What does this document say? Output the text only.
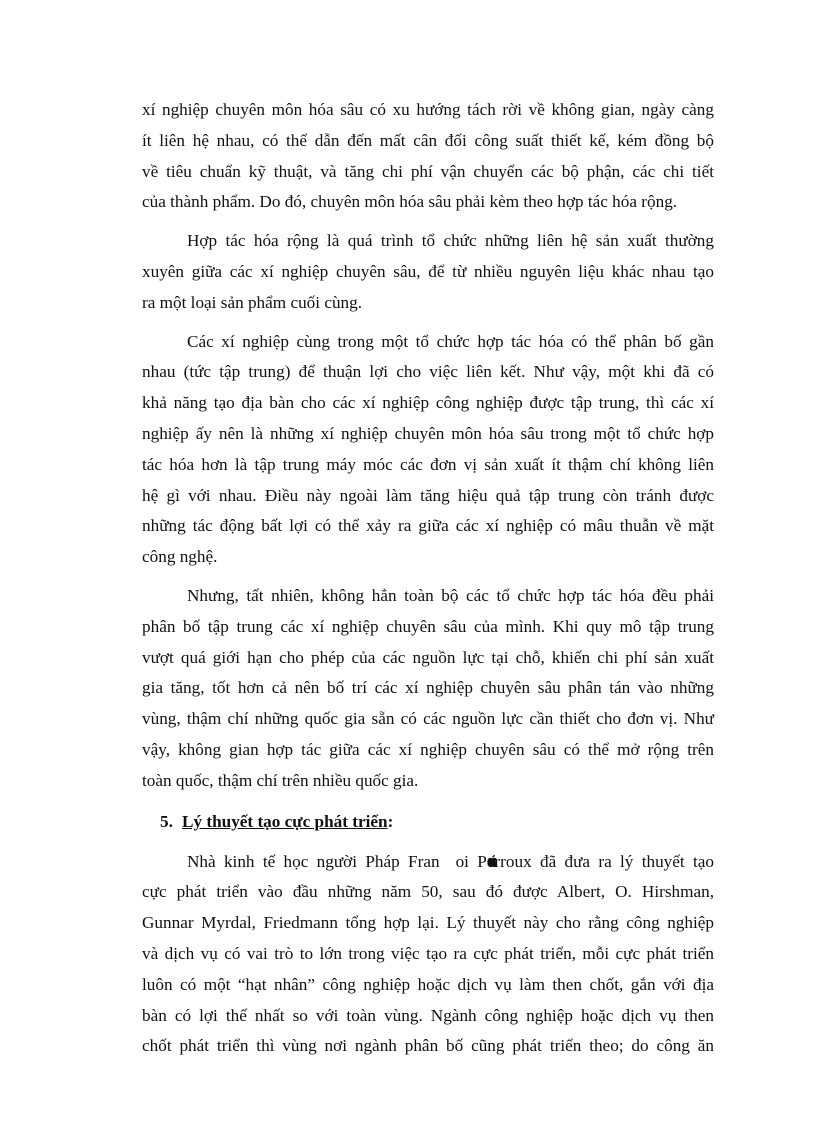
xí nghiệp chuyên môn hóa sâu có xu hướng tách rời về không gian, ngày càng
ít liên hệ nhau, có thể dẫn đến mất cân đối công suất thiết kế, kém đồng bộ
về tiêu chuẩn kỹ thuật, và tăng chi phí vận chuyển các bộ phận, các chi tiết
của thành phẩm. Do đó, chuyên môn hóa sâu phải kèm theo hợp tác hóa rộng.
Hợp tác hóa rộng là quá trình tổ chức những liên hệ sản xuất thường
xuyên giữa các xí nghiệp chuyên sâu, để từ nhiều nguyên liệu khác nhau tạo
ra một loại sản phẩm cuối cùng.
Các xí nghiệp cùng trong một tổ chức hợp tác hóa có thể phân bố gần
nhau (tức tập trung) để thuận lợi cho việc liên kết. Như vậy, một khi đã có
khả năng tạo địa bàn cho các xí nghiệp công nghiệp được tập trung, thì các xí
nghiệp ấy nên là những xí nghiệp chuyên môn hóa sâu trong một tổ chức hợp
tác hóa hơn là tập trung máy móc các đơn vị sản xuất ít thậm chí không liên
hệ gì với nhau. Điều này ngoài làm tăng hiệu quả tập trung còn tránh được
những tác động bất lợi có thể xảy ra giữa các xí nghiệp có mâu thuẫn về mặt
công nghệ.
Nhưng, tất nhiên, không hẳn toàn bộ các tổ chức hợp tác hóa đều phải
phân bố tập trung các xí nghiệp chuyên sâu của mình. Khi quy mô tập trung
vượt quá giới hạn cho phép của các nguồn lực tại chỗ, khiến chi phí sản xuất
gia tăng, tốt hơn cả nên bố trí các xí nghiệp chuyên sâu phân tán vào những
vùng, thậm chí những quốc gia sẵn có các nguồn lực cần thiết cho đơn vị. Như
vậy, không gian hợp tác giữa các xí nghiệp chuyên sâu có thể mở rộng trên
toàn quốc, thậm chí trên nhiều quốc gia.
5. Lý thuyết tạo cực phát triển:
Nhà kinh tế học người Pháp Fran oi Perroux đã đưa ra lý thuyết tạo
cực phát triển vào đầu những năm 50, sau đó được Albert, O. Hirshman,
Gunnar Myrdal, Friedmann tổng hợp lại. Lý thuyết này cho rằng công nghiệp
và dịch vụ có vai trò to lớn trong việc tạo ra cực phát triển, mỗi cực phát triển
luôn có một “hạt nhân” công nghiệp hoặc dịch vụ làm then chốt, gắn với địa
bàn có lợi thế nhất so với toàn vùng. Ngành công nghiệp hoặc dịch vụ then
chốt phát triển thì vùng nơi ngành phân bố cũng phát triển theo; do công ăn
